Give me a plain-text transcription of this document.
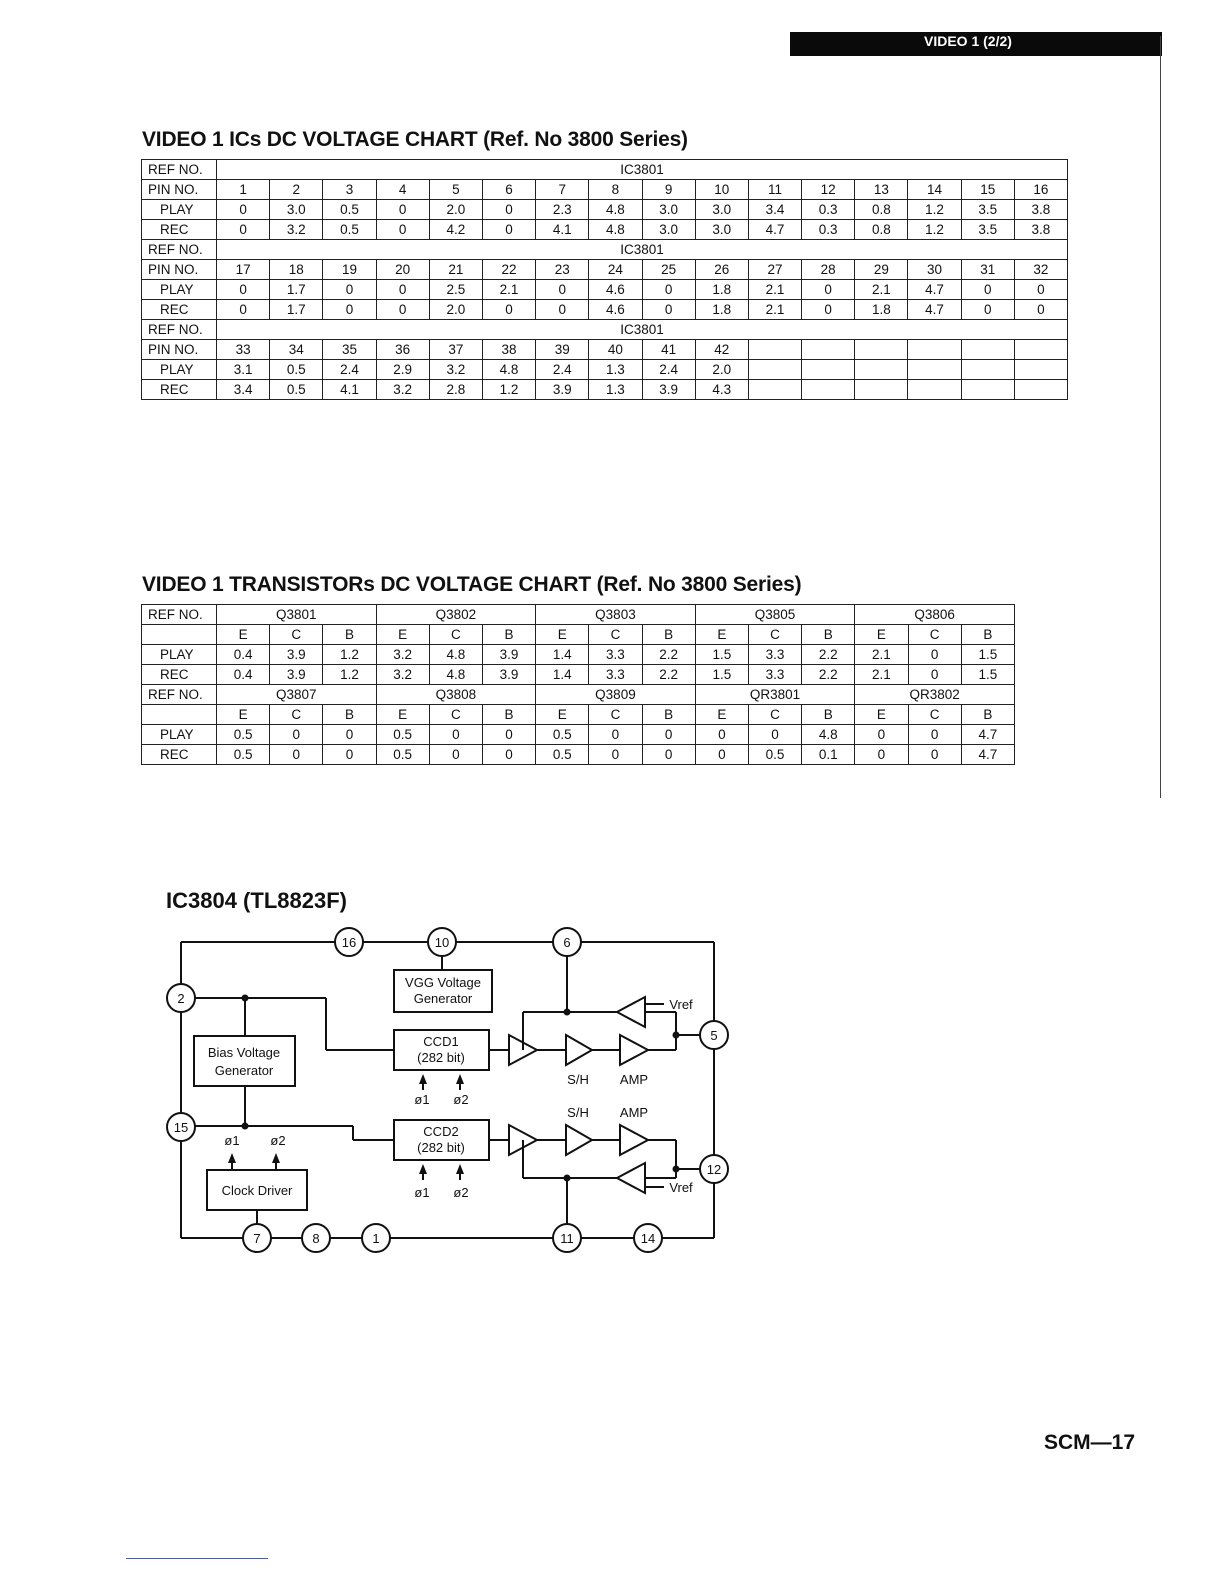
VIDEO 1 (2/2)
VIDEO 1 ICs DC VOLTAGE CHART (Ref. No 3800 Series)
REF NO.	IC3801															
PIN NO.	1	2	3	4	5	6	7	8	9	10	11	12	13	14	15	16
PLAY	0	3.0	0.5	0	2.0	0	2.3	4.8	3.0	3.0	3.4	0.3	0.8	1.2	3.5	3.8
REC	0	3.2	0.5	0	4.2	0	4.1	4.8	3.0	3.0	4.7	0.3	0.8	1.2	3.5	3.8
REF NO.	IC3801															
PIN NO.	17	18	19	20	21	22	23	24	25	26	27	28	29	30	31	32
PLAY	0	1.7	0	0	2.5	2.1	0	4.6	0	1.8	2.1	0	2.1	4.7	0	0
REC	0	1.7	0	0	2.0	0	0	4.6	0	1.8	2.1	0	1.8	4.7	0	0
REF NO.	IC3801															
PIN NO.	33	34	35	36	37	38	39	40	41	42						
PLAY	3.1	0.5	2.4	2.9	3.2	4.8	2.4	1.3	2.4	2.0						
REC	3.4	0.5	4.1	3.2	2.8	1.2	3.9	1.3	3.9	4.3						
VIDEO 1 TRANSISTORs DC VOLTAGE CHART (Ref. No 3800 Series)
REF NO.	Q3801			Q3802			Q3803			Q3805			Q3806		
	E	C	B	E	C	B	E	C	B	E	C	B	E	C	B
PLAY	0.4	3.9	1.2	3.2	4.8	3.9	1.4	3.3	2.2	1.5	3.3	2.2	2.1	0	1.5
REC	0.4	3.9	1.2	3.2	4.8	3.9	1.4	3.3	2.2	1.5	3.3	2.2	2.1	0	1.5
REF NO.	Q3807			Q3808			Q3809			QR3801			QR3802		
	E	C	B	E	C	B	E	C	B	E	C	B	E	C	B
PLAY	0.5	0	0	0.5	0	0	0.5	0	0	0	0	4.8	0	0	4.7
REC	0.5	0	0	0.5	0	0	0.5	0	0	0	0.5	0.1	0	0	4.7
IC3804 (TL8823F)
16	10	6
2
5
15
12
7	8	1	11	14
VGG Voltage
Generator
Bias Voltage
Generator
CCD1
(282 bit)
CCD2
(282 bit)
Clock Driver
ø1 ø2
ø1 ø2
ø1 ø2
S/H AMP
S/H AMP
Vref
Vref
SCM—17
